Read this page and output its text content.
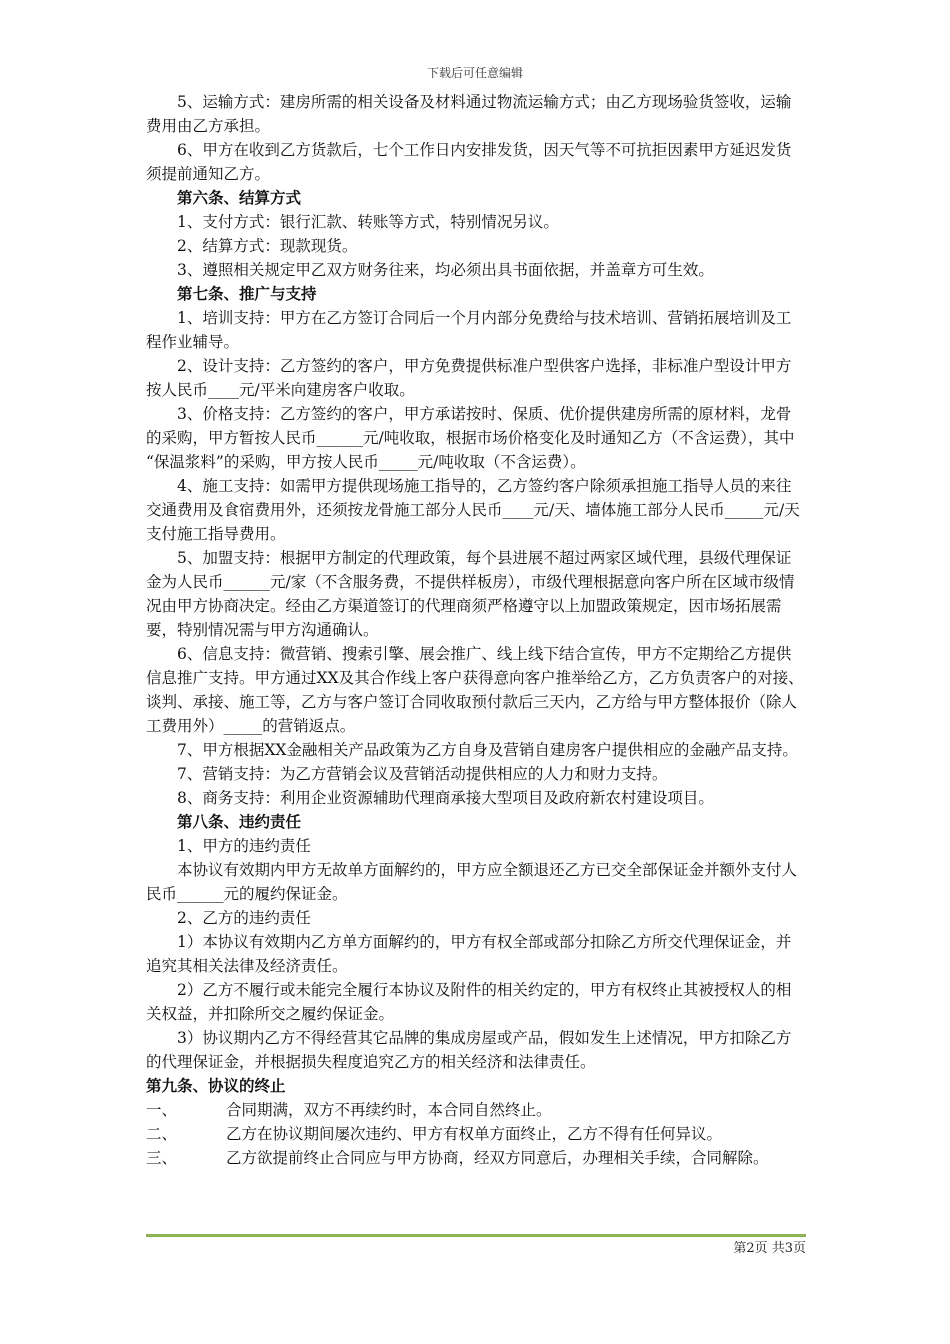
下载后可任意编辑

5、运输方式：建房所需的相关设备及材料通过物流运输方式；由乙方现场验货签收，运输费用由乙方承担。

6、甲方在收到乙方货款后，七个工作日内安排发货，因天气等不可抗拒因素甲方延迟发货须提前通知乙方。

第六条、结算方式

1、支付方式：银行汇款、转账等方式，特别情况另议。

2、结算方式：现款现货。

3、遵照相关规定甲乙双方财务往来，均必须出具书面依据，并盖章方可生效。

第七条、推广与支持

1、培训支持：甲方在乙方签订合同后一个月内部分免费给与技术培训、营销拓展培训及工程作业辅导。

2、设计支持：乙方签约的客户，甲方免费提供标准户型供客户选择，非标准户型设计甲方按人民币____元/平米向建房客户收取。

3、价格支持：乙方签约的客户，甲方承诺按时、保质、优价提供建房所需的原材料，龙骨的采购，甲方暂按人民币______元/吨收取，根据市场价格变化及时通知乙方（不含运费），其中 “保温浆料”的采购，甲方按人民币_____元/吨收取（不含运费）。

4、施工支持：如需甲方提供现场施工指导的，乙方签约客户除须承担施工指导人员的来往交通费用及食宿费用外，还须按龙骨施工部分人民币____元/天、墙体施工部分人民币_____元/天支付施工指导费用。

5、加盟支持：根据甲方制定的代理政策，每个县进展不超过两家区域代理，县级代理保证金为人民币______元/家（不含服务费，不提供样板房），市级代理根据意向客户所在区域市级情况由甲方协商决定。经由乙方渠道签订的代理商须严格遵守以上加盟政策规定，因市场拓展需要，特别情况需与甲方沟通确认。

6、信息支持：微营销、搜索引擎、展会推广、线上线下结合宣传，甲方不定期给乙方提供信息推广支持。甲方通过XX及其合作线上客户获得意向客户推举给乙方，乙方负责客户的对接、谈判、承接、施工等，乙方与客户签订合同收取预付款后三天内，乙方给与甲方整体报价（除人工费用外）_____的营销返点。

7、甲方根据XX金融相关产品政策为乙方自身及营销自建房客户提供相应的金融产品支持。

7、营销支持：为乙方营销会议及营销活动提供相应的人力和财力支持。

8、商务支持：利用企业资源辅助代理商承接大型项目及政府新农村建设项目。

第八条、违约责任

1、甲方的违约责任

本协议有效期内甲方无故单方面解约的，甲方应全额退还乙方已交全部保证金并额外支付人民币______元的履约保证金。

2、乙方的违约责任

1）本协议有效期内乙方单方面解约的，甲方有权全部或部分扣除乙方所交代理保证金，并追究其相关法律及经济责任。

2）乙方不履行或未能完全履行本协议及附件的相关约定的，甲方有权终止其被授权人的相关权益，并扣除所交之履约保证金。

3）协议期内乙方不得经营其它品牌的集成房屋或产品，假如发生上述情况，甲方扣除乙方的代理保证金，并根据损失程度追究乙方的相关经济和法律责任。

第九条、协议的终止

一、	合同期满，双方不再续约时，本合同自然终止。
二、	乙方在协议期间屡次违约、甲方有权单方面终止，乙方不得有任何异议。
三、	乙方欲提前终止合同应与甲方协商，经双方同意后，办理相关手续，合同解除。
第2页 共3页
